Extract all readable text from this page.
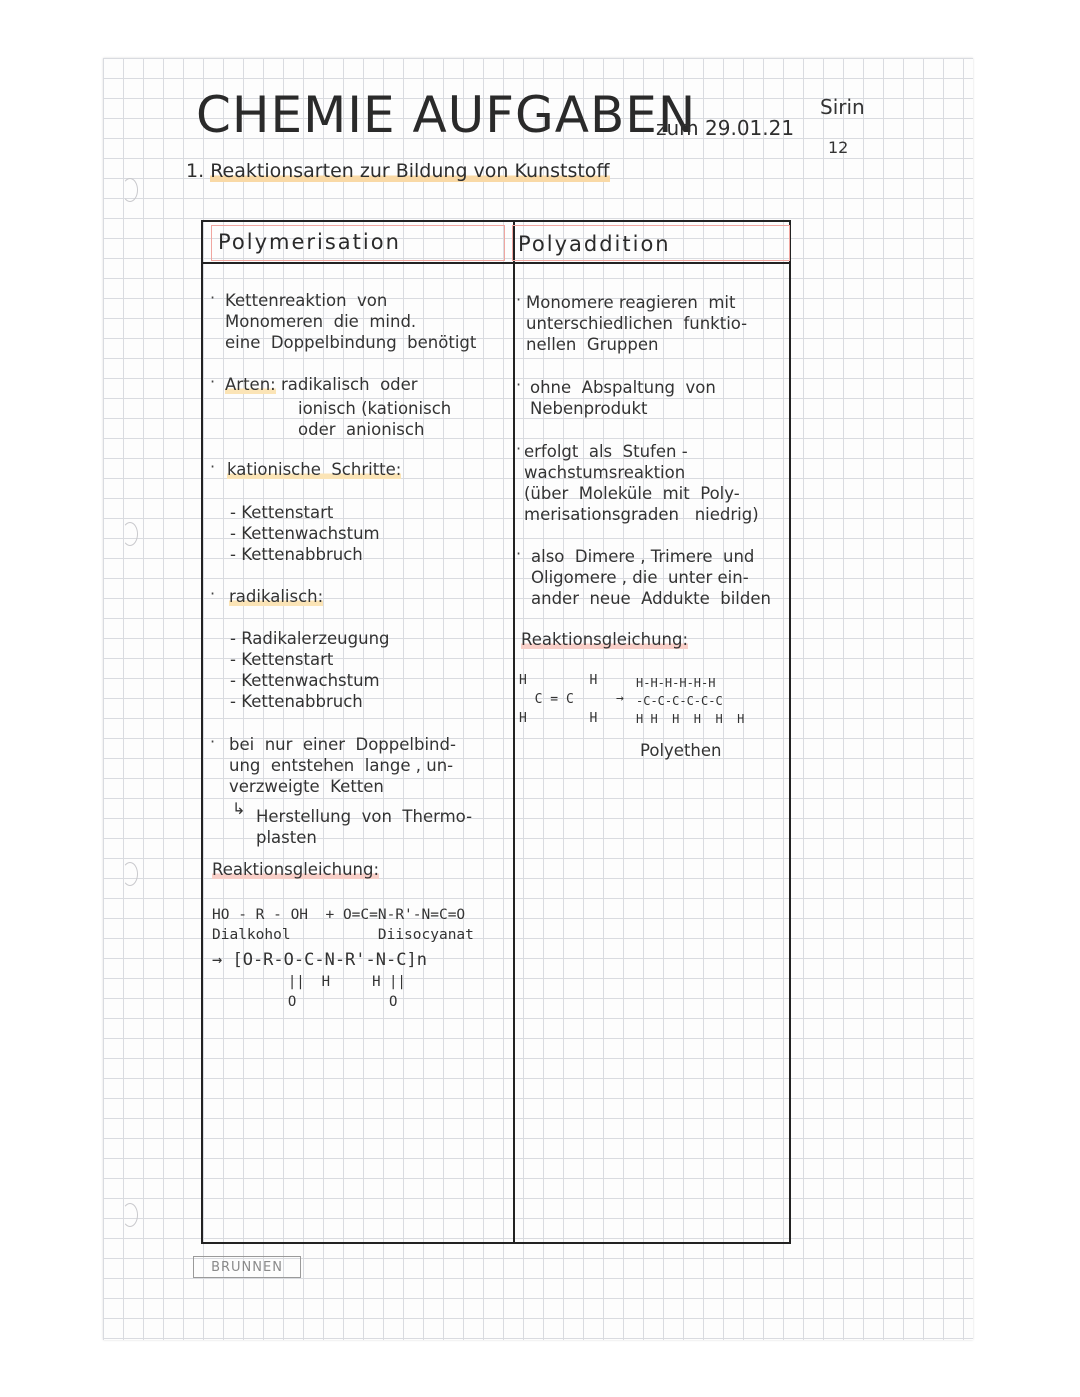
CHEMIE AUFGABEN
zum 29.01.21
Sirin
12
1. Reaktionsarten zur Bildung von Kunststoff
Polymerisation	Polyaddition
· Kettenreaktion  von
Monomeren  die  mind.
eine  Doppelbindung  benötigt
· Arten: radikalisch  oder
ionisch (kationisch
oder  anionisch
· kationische  Schritte:
- Kettenstart
- Kettenwachstum
- Kettenabbruch
· radikalisch:
- Radikalerzeugung
- Kettenstart
- Kettenwachstum
- Kettenabbruch
· bei  nur  einer  Doppelbind-
ung  entstehen  lange , un-
verzweigte  Ketten
↳ Herstellung  von  Thermo-
plasten
Reaktionsgleichung:
HO - R - OH  + O=C=N-R'-N=C=O
Dialkohol          Diisocyanat
→ [O-R-O-C-N-R'-N-C]n
||  H     H ||
O           O
· Monomere reagieren  mit
unterschiedlichen  funktio-
nellen  Gruppen
· ohne  Abspaltung  von
Nebenprodukt
· erfolgt  als  Stufen -
wachstumsreaktion
(über  Moleküle  mit  Poly-
merisationsgraden   niedrig)
· also  Dimere , Trimere  und
Oligomere , die  unter ein-
ander  neue  Addukte  bilden
Reaktionsgleichung:
H        H
C = C
H        H
→
H-H-H-H-H-H
-C-C-C-C-C-C
H H  H  H  H  H
Polyethen
BRUNNEN
